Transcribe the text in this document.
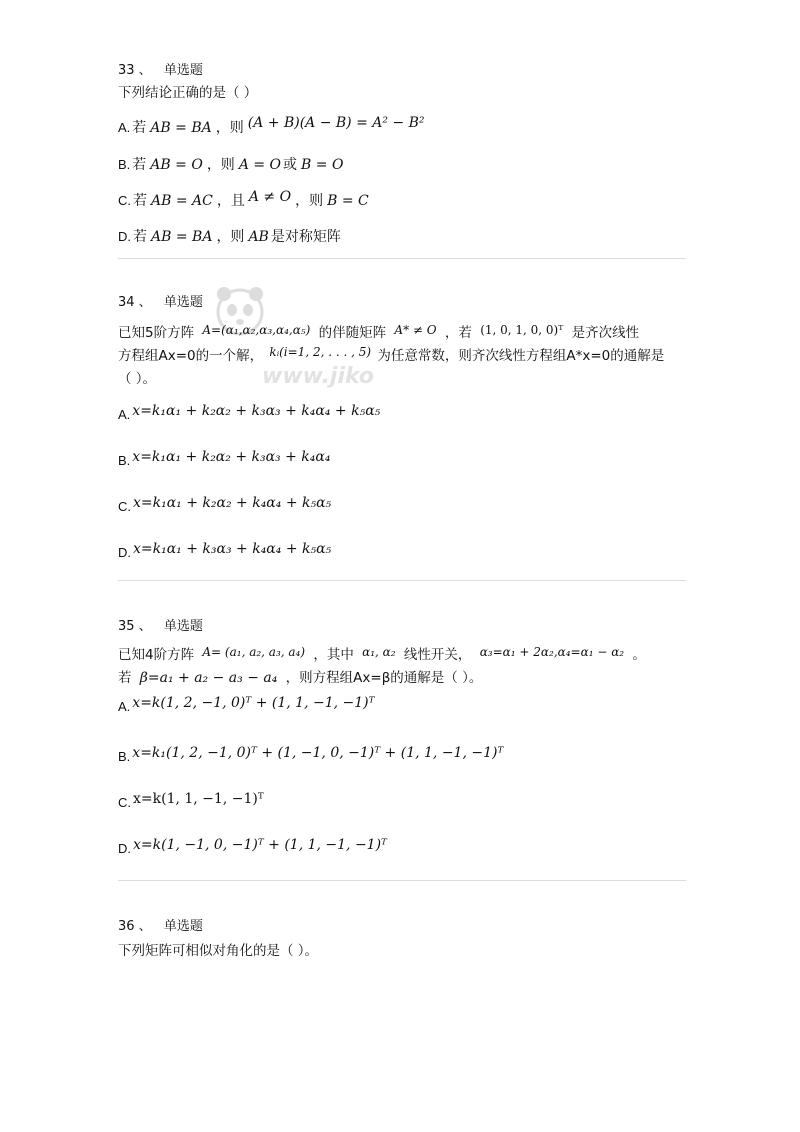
www.jiko
33 、 单选题
下列结论正确的是（ ）
A. 若 AB = BA ，则 (A + B)(A − B) = A² − B²
B. 若 AB = O ，则 A = O 或 B = O
C. 若 AB = AC ，且 A ≠ O ，则 B = C
D. 若 AB = BA ，则 AB 是对称矩阵
34 、 单选题
已知5阶方阵 A=(α₁,α₂,α₃,α₄,α₅) 的伴随矩阵 A* ≠ O ，若 (1, 0, 1, 0, 0)ᵀ 是齐次线性
方程组Ax=0的一个解， kᵢ(i=1, 2, . . . , 5) 为任意常数，则齐次线性方程组A*x=0的通解是
（ ）。
A. x=k₁α₁ + k₂α₂ + k₃α₃ + k₄α₄ + k₅α₅
B. x=k₁α₁ + k₂α₂ + k₃α₃ + k₄α₄
C. x=k₁α₁ + k₂α₂ + k₄α₄ + k₅α₅
D. x=k₁α₁ + k₃α₃ + k₄α₄ + k₅α₅
35 、 单选题
已知4阶方阵 A= (a₁, a₂, a₃, a₄) ，其中 α₁, α₂ 线性开关， α₃=α₁ + 2α₂,α₄=α₁ − α₂ 。
若 β=a₁ + a₂ − a₃ − a₄ ，则方程组Ax=β的通解是（ ）。
A. x=k(1, 2, −1, 0)ᵀ + (1, 1, −1, −1)ᵀ
B. x=k₁(1, 2, −1, 0)ᵀ + (1, −1, 0, −1)ᵀ + (1, 1, −1, −1)ᵀ
C. x=k(1, 1, −1, −1)ᵀ
D. x=k(1, −1, 0, −1)ᵀ + (1, 1, −1, −1)ᵀ
36 、 单选题
下列矩阵可相似对角化的是（ ）。
